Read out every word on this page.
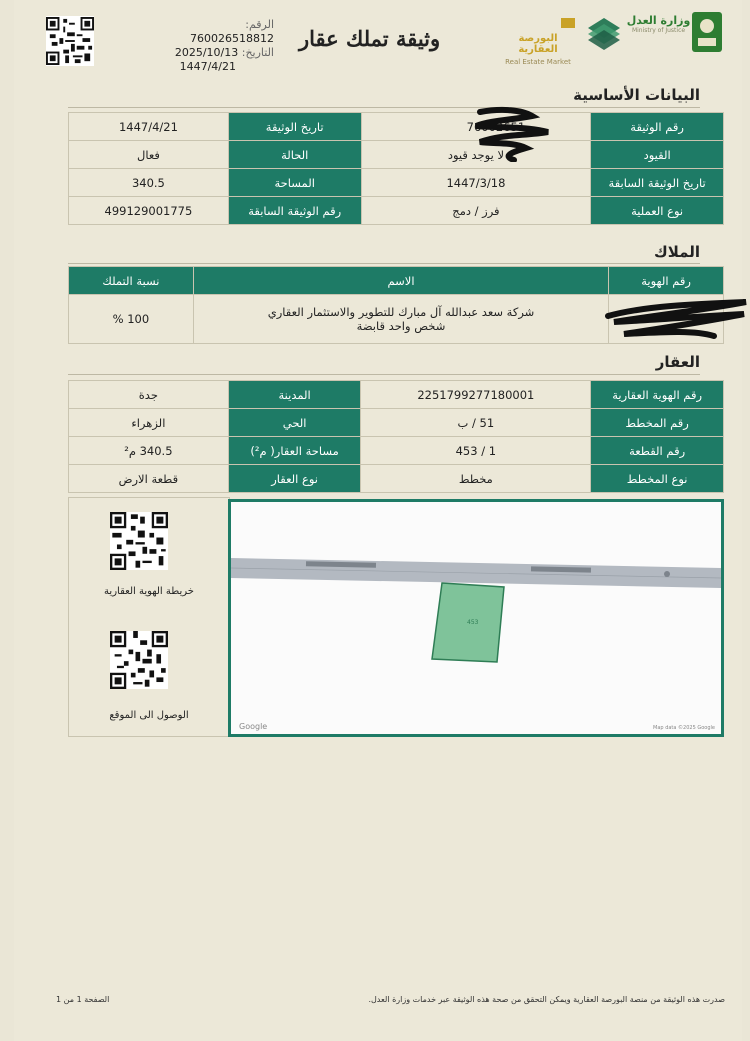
الرقم: 760026518812
التاريخ: 2025/10/13
1447/4/21
وثيقة تملك عقار	البورصة العقارية
Real Estate Market
وزارة العدل
Ministry of Justice
البيانات الأساسية
رقم الوثيقة	76002651	تاريخ الوثيقة	1447/4/21
القيود	لا يوجد قيود	الحالة	فعال
تاريخ الوثيقة السابقة	1447/3/18	المساحة	340.5
نوع العملية	فرز / دمج	رقم الوثيقة السابقة	499129001775
الملاك
رقم الهوية	الاسم	نسبة التملك

	شركة سعد عبدالله آل مبارك للتطوير والاستثمار العقاري
شخص واحد قابضة	100 %
العقار
رقم الهوية العقارية	2251799277180001	المدينة	جدة
رقم المخطط	51 / ب	الحي	الزهراء
رقم القطعة	1 / 453	مساحة العقار( م²)	340.5 م²
نوع المخطط	مخطط	نوع العقار	قطعة الارض
خريطة الهوية العقارية
الوصول الى الموقع
453
Google	Map data ©2025 Google
صدرت هذه الوثيقة من منصة البورصة العقارية ويمكن التحقق من صحة هذه الوثيقة عبر خدمات وزارة العدل.
الصفحة 1 من 1
